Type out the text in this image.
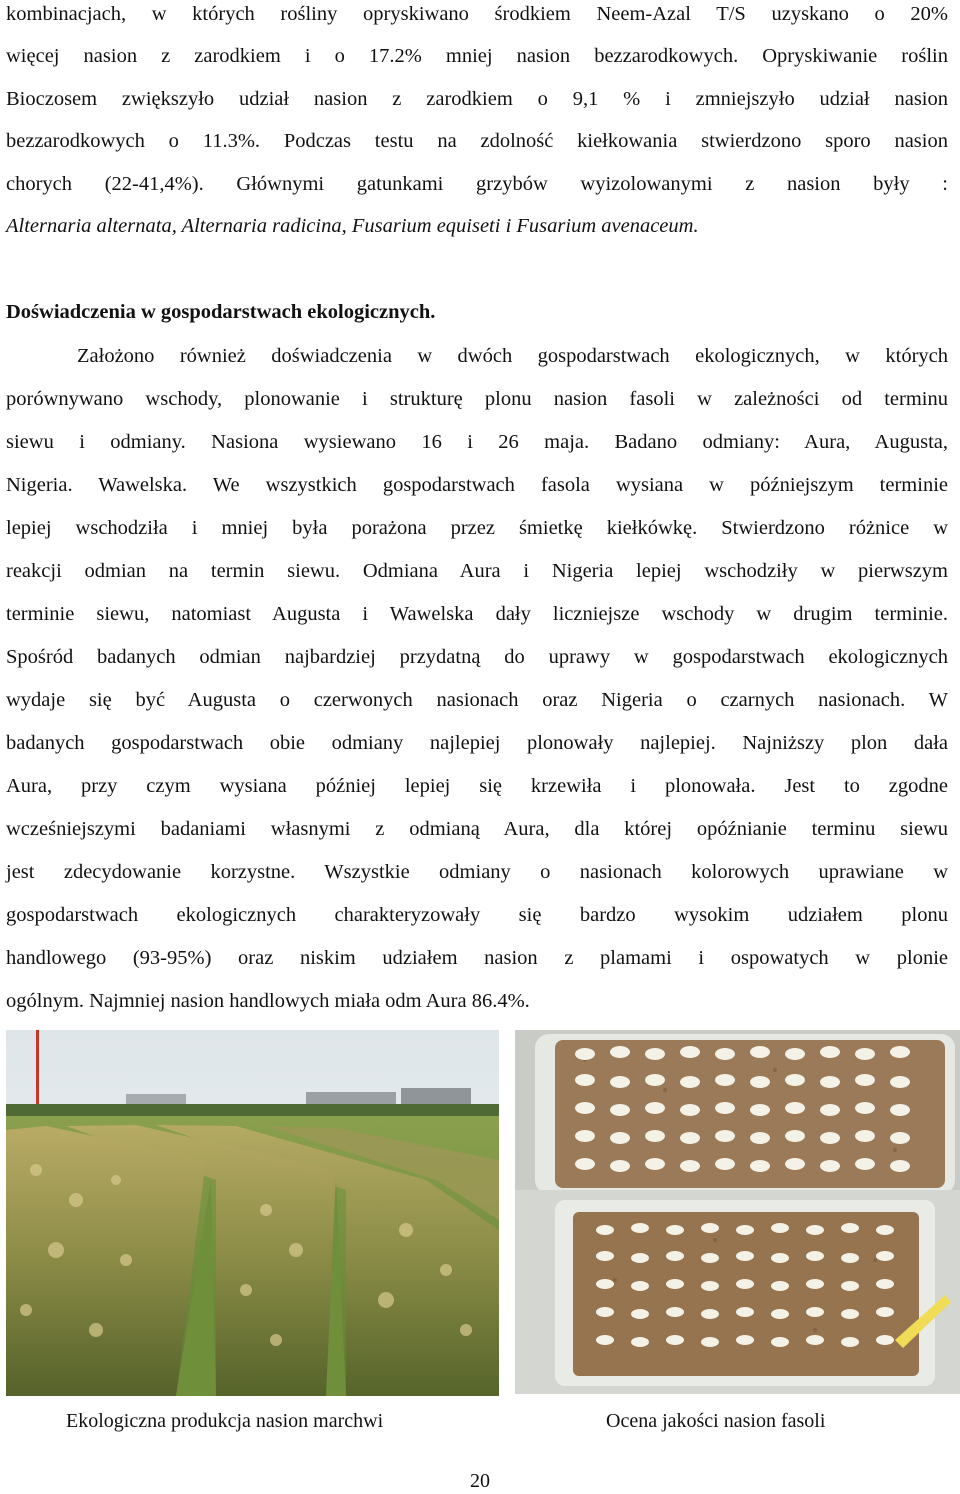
kombinacjach, w których rośliny opryskiwano środkiem Neem-Azal T/S uzyskano o 20%
więcej nasion z zarodkiem i o 17.2% mniej nasion bezzarodkowych. Opryskiwanie roślin
Bioczosem zwiększyło udział nasion z zarodkiem o 9,1 % i zmniejszyło udział nasion
bezzarodkowych o 11.3%. Podczas testu na zdolność kiełkowania stwierdzono sporo nasion
chorych (22-41,4%). Głównymi gatunkami grzybów wyizolowanymi z nasion były :
Alternaria alternata, Alternaria radicina, Fusarium equiseti i Fusarium avenaceum.
Doświadczenia w gospodarstwach ekologicznych.
Założono również doświadczenia w dwóch gospodarstwach ekologicznych, w których
porównywano wschody, plonowanie i strukturę plonu nasion fasoli w zależności od terminu
siewu i odmiany. Nasiona wysiewano 16 i 26 maja. Badano odmiany: Aura, Augusta,
Nigeria. Wawelska. We wszystkich gospodarstwach fasola wysiana w późniejszym terminie
lepiej wschodziła i mniej była porażona przez śmietkę kiełkówkę. Stwierdzono różnice w
reakcji odmian na termin siewu. Odmiana Aura i Nigeria lepiej wschodziły w pierwszym
terminie siewu, natomiast Augusta i Wawelska dały liczniejsze wschody w drugim terminie.
Spośród badanych odmian najbardziej przydatną do uprawy w gospodarstwach ekologicznych
wydaje się być Augusta o czerwonych nasionach oraz Nigeria o czarnych nasionach. W
badanych gospodarstwach obie odmiany najlepiej plonowały najlepiej. Najniższy plon dała
Aura, przy czym wysiana później lepiej się krzewiła i plonowała. Jest to zgodne
wcześniejszymi badaniami własnymi z odmianą Aura, dla której opóźnianie terminu siewu
jest zdecydowanie korzystne. Wszystkie odmiany o nasionach kolorowych uprawiane w
gospodarstwach ekologicznych charakteryzowały się bardzo wysokim udziałem plonu
handlowego (93-95%) oraz niskim udziałem nasion z plamami i ospowatych w plonie
ogólnym. Najmniej nasion handlowych miała odm Aura 86.4%.
Ekologiczna produkcja nasion marchwi	Ocena jakości nasion fasoli
20
